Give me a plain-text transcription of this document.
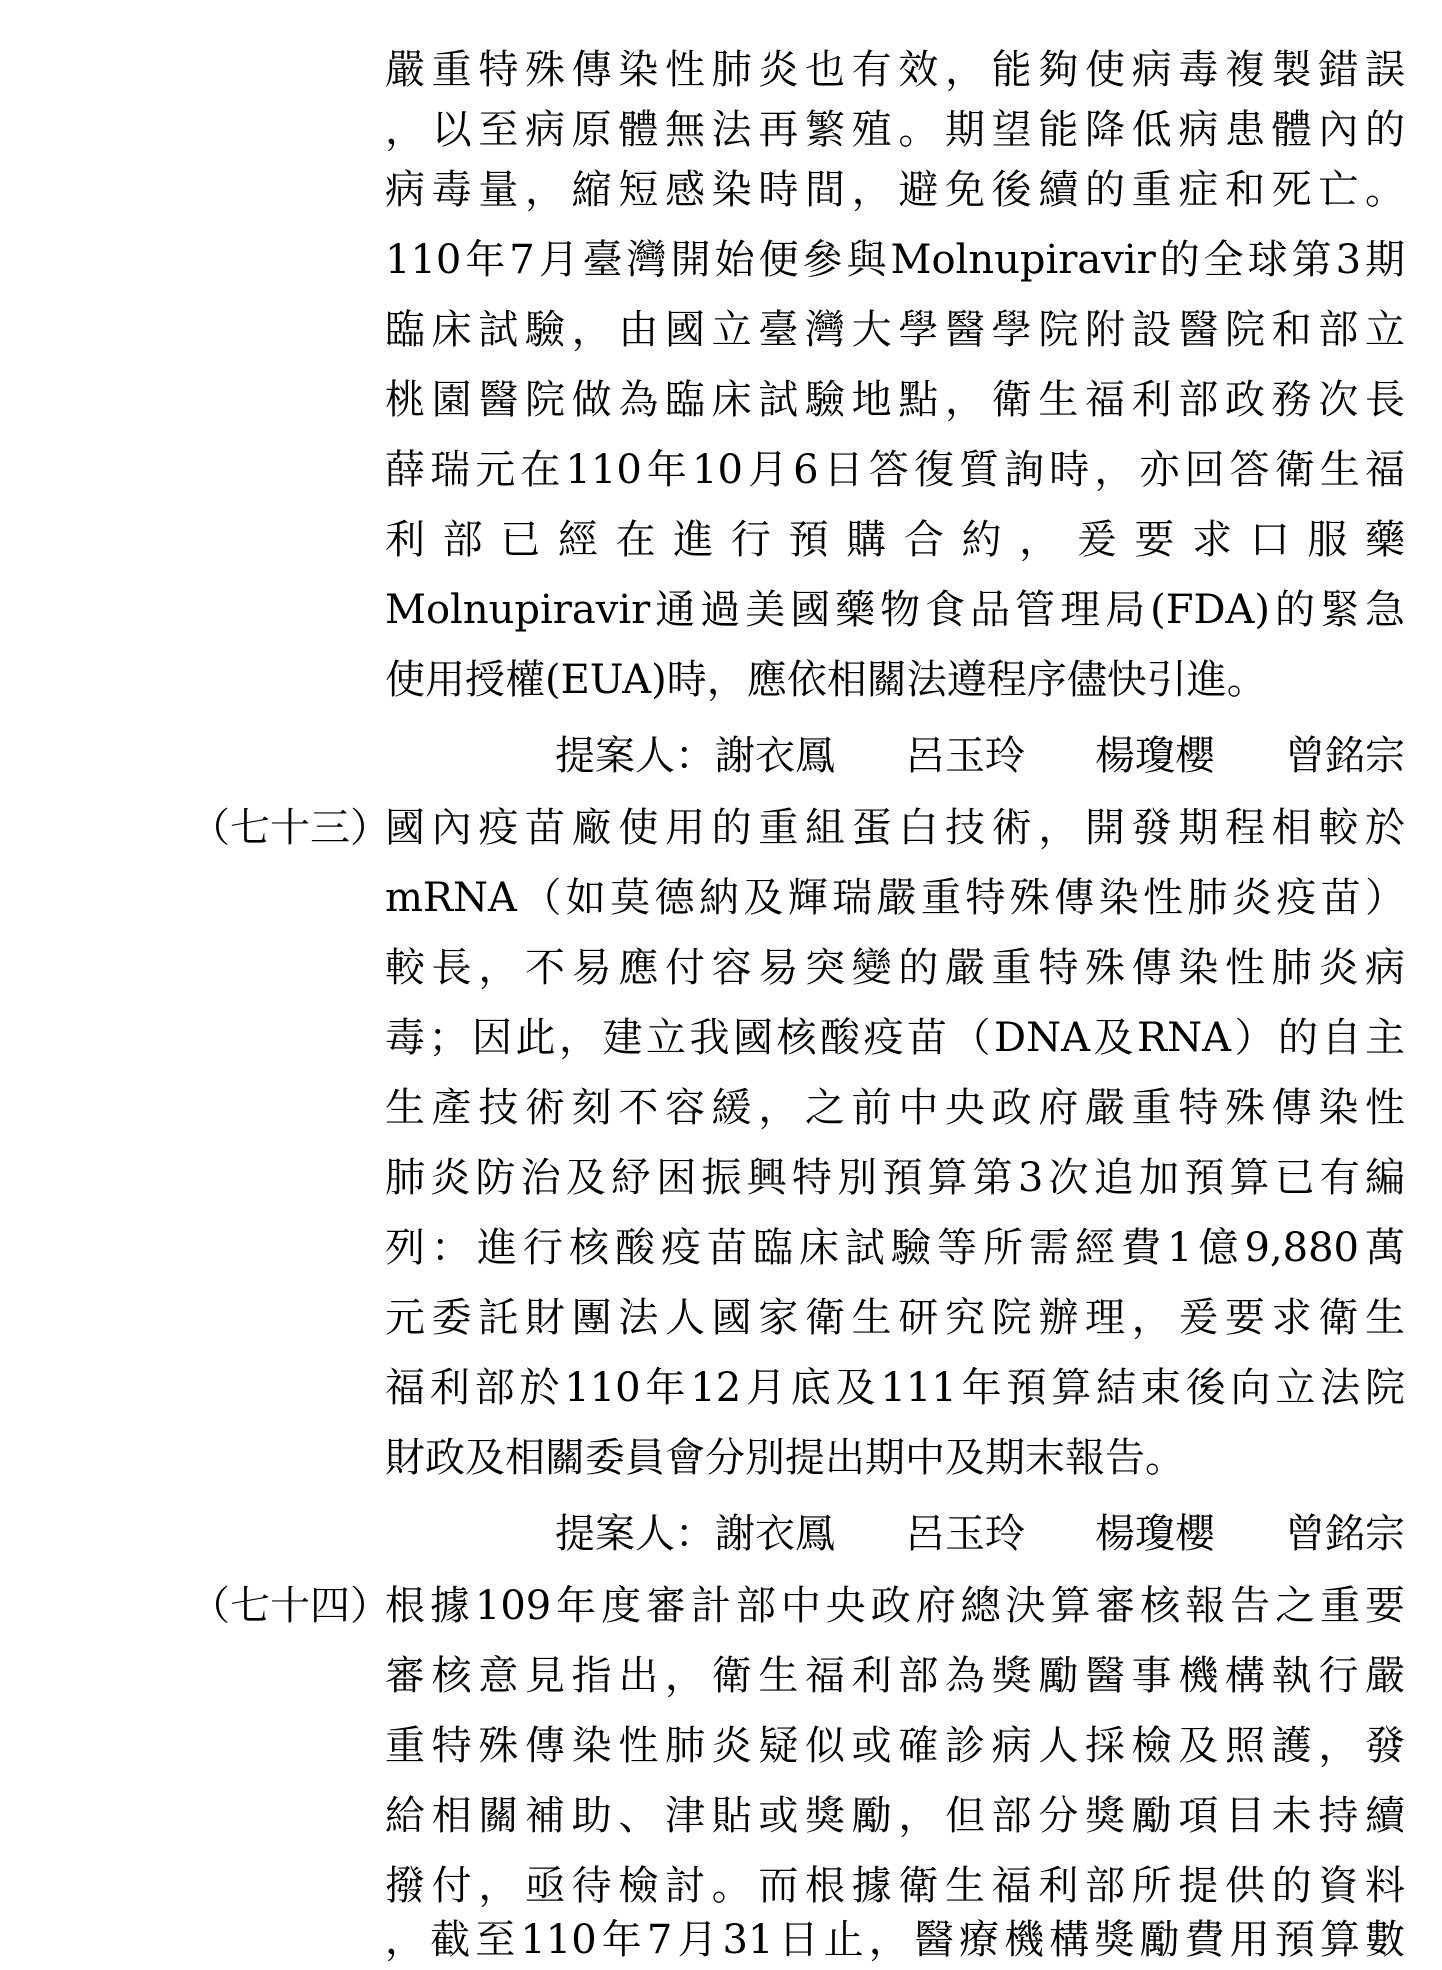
嚴重特殊傳染性肺炎也有效，能夠使病毒複製錯誤
，以至病原體無法再繁殖。期望能降低病患體內的
病毒量，縮短感染時間，避免後續的重症和死亡。
110年7月臺灣開始便參與Molnupiravir的全球第3期
臨床試驗，由國立臺灣大學醫學院附設醫院和部立
桃園醫院做為臨床試驗地點，衛生福利部政務次長
薛瑞元在110年10月6日答復質詢時，亦回答衛生福
利部已經在進行預購合約，爰要求口服藥
Molnupiravir通過美國藥物食品管理局(FDA)的緊急
使用授權(EUA)時，應依相關法遵程序儘快引進。
提案人：謝衣鳳 呂玉玲 楊瓊櫻 曾銘宗
（七十三）
國內疫苗廠使用的重組蛋白技術，開發期程相較於
mRNA（如莫德納及輝瑞嚴重特殊傳染性肺炎疫苗）
較長，不易應付容易突變的嚴重特殊傳染性肺炎病
毒；因此，建立我國核酸疫苗（DNA及RNA）的自主
生產技術刻不容緩，之前中央政府嚴重特殊傳染性
肺炎防治及紓困振興特別預算第3次追加預算已有編
列：進行核酸疫苗臨床試驗等所需經費1億9,880萬
元委託財團法人國家衛生研究院辦理，爰要求衛生
福利部於110年12月底及111年預算結束後向立法院
財政及相關委員會分別提出期中及期末報告。
提案人：謝衣鳳 呂玉玲 楊瓊櫻 曾銘宗
（七十四）
根據109年度審計部中央政府總決算審核報告之重要
審核意見指出，衛生福利部為獎勵醫事機構執行嚴
重特殊傳染性肺炎疑似或確診病人採檢及照護，發
給相關補助、津貼或獎勵，但部分獎勵項目未持續
撥付，亟待檢討。而根據衛生福利部所提供的資料
，截至110年7月31日止，醫療機構獎勵費用預算數
